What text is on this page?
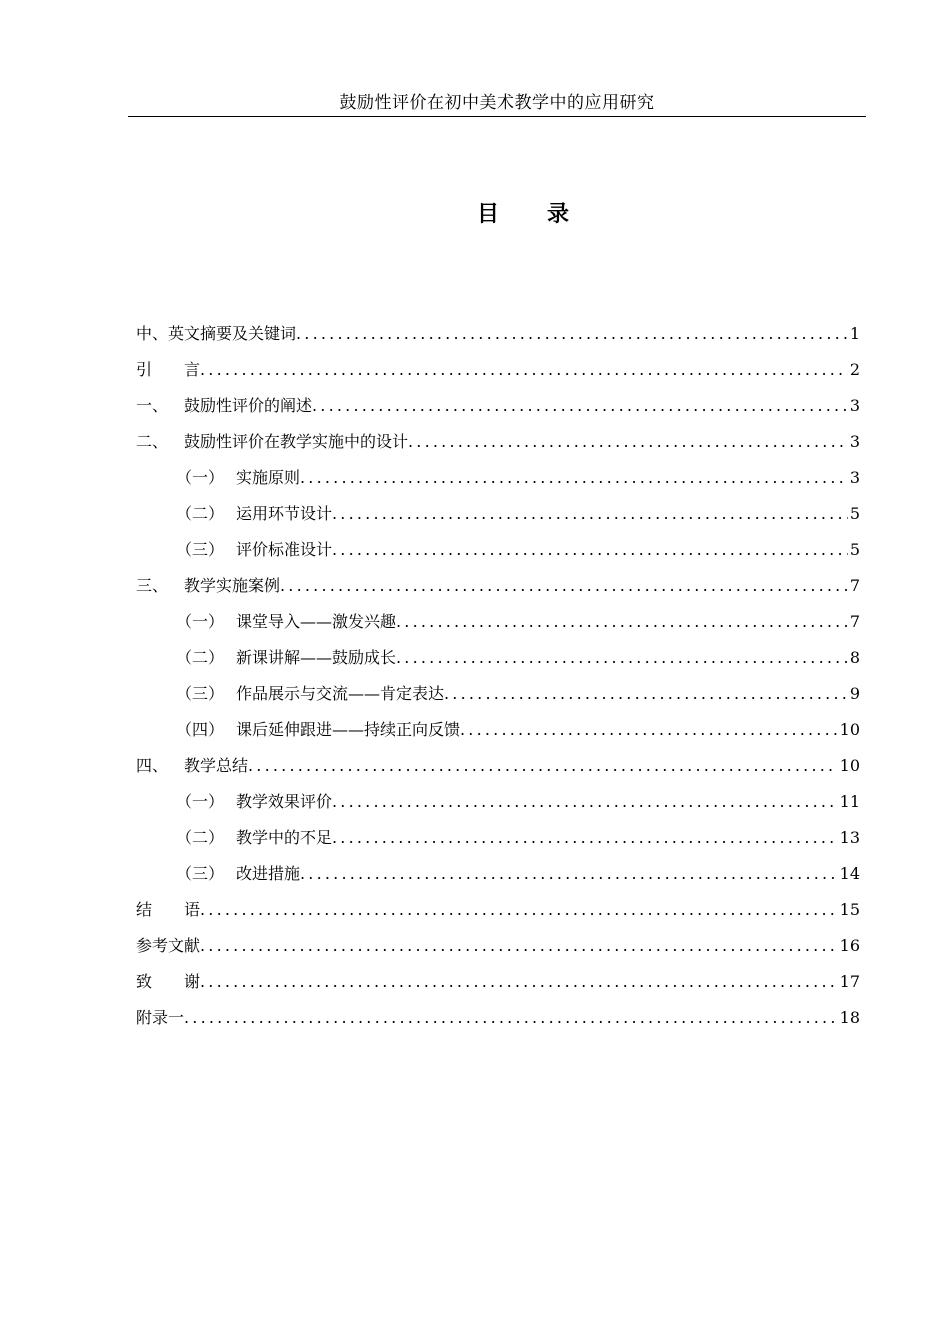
鼓励性评价在初中美术教学中的应用研究
目 录
中、英文摘要及关键词 .....	1
引　　言 .....	2
一、 鼓励性评价的阐述 .....	3
二、 鼓励性评价在教学实施中的设计 .....	3
（一） 实施原则 .....	3
（二） 运用环节设计 .....	5
（三） 评价标准设计 .....	5
三、 教学实施案例 .....	7
（一） 课堂导入——激发兴趣 .....	7
（二） 新课讲解——鼓励成长 .....	8
（三） 作品展示与交流——肯定表达 .....	9
（四） 课后延伸跟进——持续正向反馈 .....	10
四、 教学总结 .....	10
（一） 教学效果评价 .....	11
（二） 教学中的不足 .....	13
（三） 改进措施 .....	14
结　　语 .....	15
参考文献 .....	16
致　　谢 .....	17
附录一 .....	18
